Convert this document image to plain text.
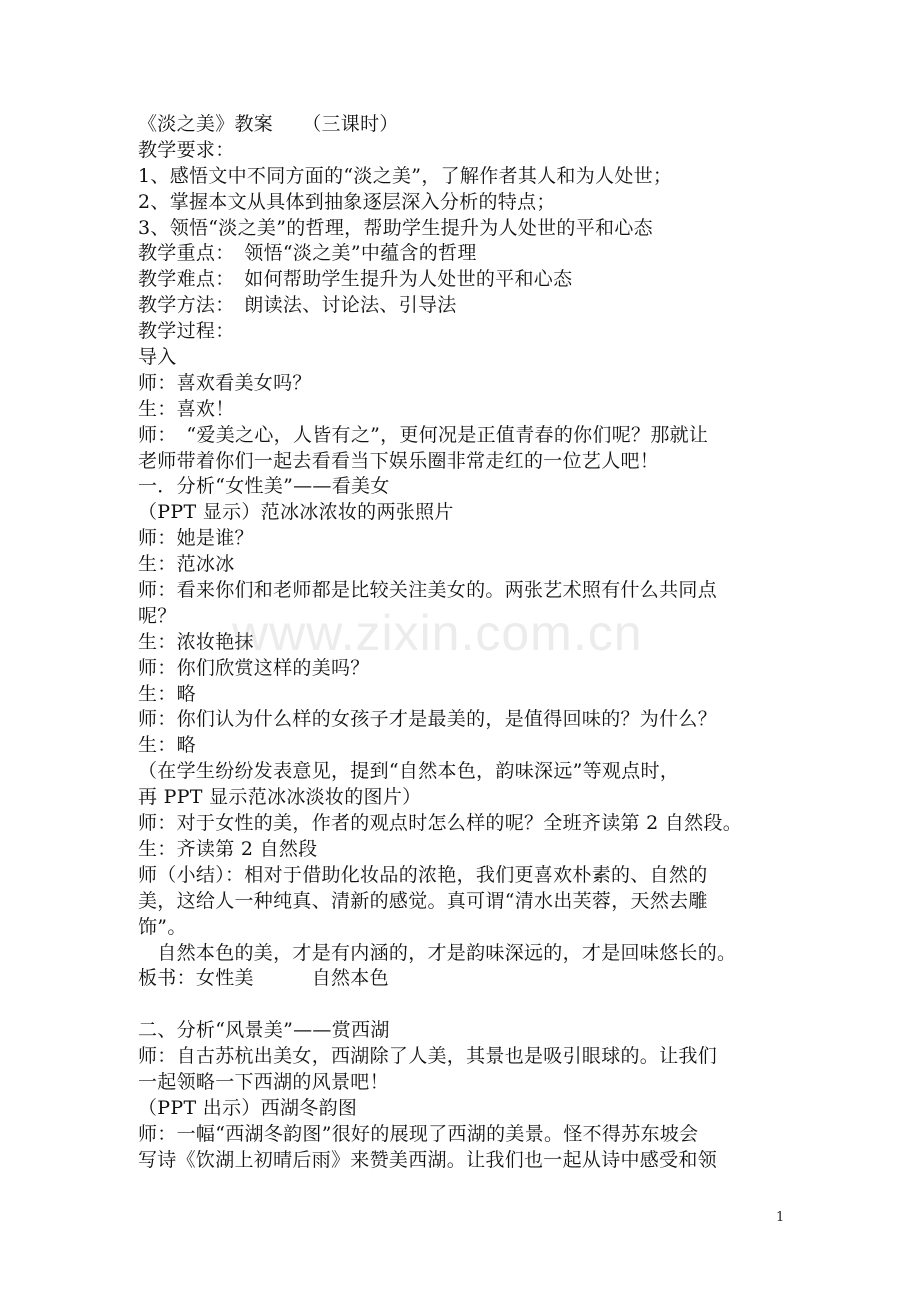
《淡之美》教案　　（三课时）
教学要求：
1、感悟文中不同方面的“淡之美”，了解作者其人和为人处世；
2、掌握本文从具体到抽象逐层深入分析的特点；
3、领悟“淡之美”的哲理，帮助学生提升为人处世的平和心态
教学重点：　领悟“淡之美”中蕴含的哲理
教学难点：　如何帮助学生提升为人处世的平和心态
教学方法：　朗读法、讨论法、引导法
教学过程：
导入
师：喜欢看美女吗？
生：喜欢！
师：　“爱美之心，人皆有之”，更何况是正值青春的你们呢？那就让
老师带着你们一起去看看当下娱乐圈非常走红的一位艺人吧！
一．分析“女性美”——看美女
（PPT 显示）范冰冰浓妆的两张照片
师：她是谁？
生：范冰冰
师：看来你们和老师都是比较关注美女的。两张艺术照有什么共同点
呢？
生：浓妆艳抹
师：你们欣赏这样的美吗？
生：略
师：你们认为什么样的女孩子才是最美的，是值得回味的？为什么？
生：略
（在学生纷纷发表意见，提到“自然本色，韵味深远”等观点时，
再 PPT 显示范冰冰淡妆的图片）
师：对于女性的美，作者的观点时怎么样的呢？全班齐读第 2 自然段。
生：齐读第 2 自然段
师（小结）：相对于借助化妆品的浓艳，我们更喜欢朴素的、自然的
美，这给人一种纯真、清新的感觉。真可谓“清水出芙蓉，天然去雕
饰”。
　自然本色的美，才是有内涵的，才是韵味深远的，才是回味悠长的。
板书：女性美　　　自然本色
二、分析“风景美”——赏西湖
师：自古苏杭出美女，西湖除了人美，其景也是吸引眼球的。让我们
一起领略一下西湖的风景吧！
（PPT 出示）西湖冬韵图
师：一幅“西湖冬韵图”很好的展现了西湖的美景。怪不得苏东坡会
写诗《饮湖上初晴后雨》来赞美西湖。让我们也一起从诗中感受和领
www.zixin.com.cn
1
